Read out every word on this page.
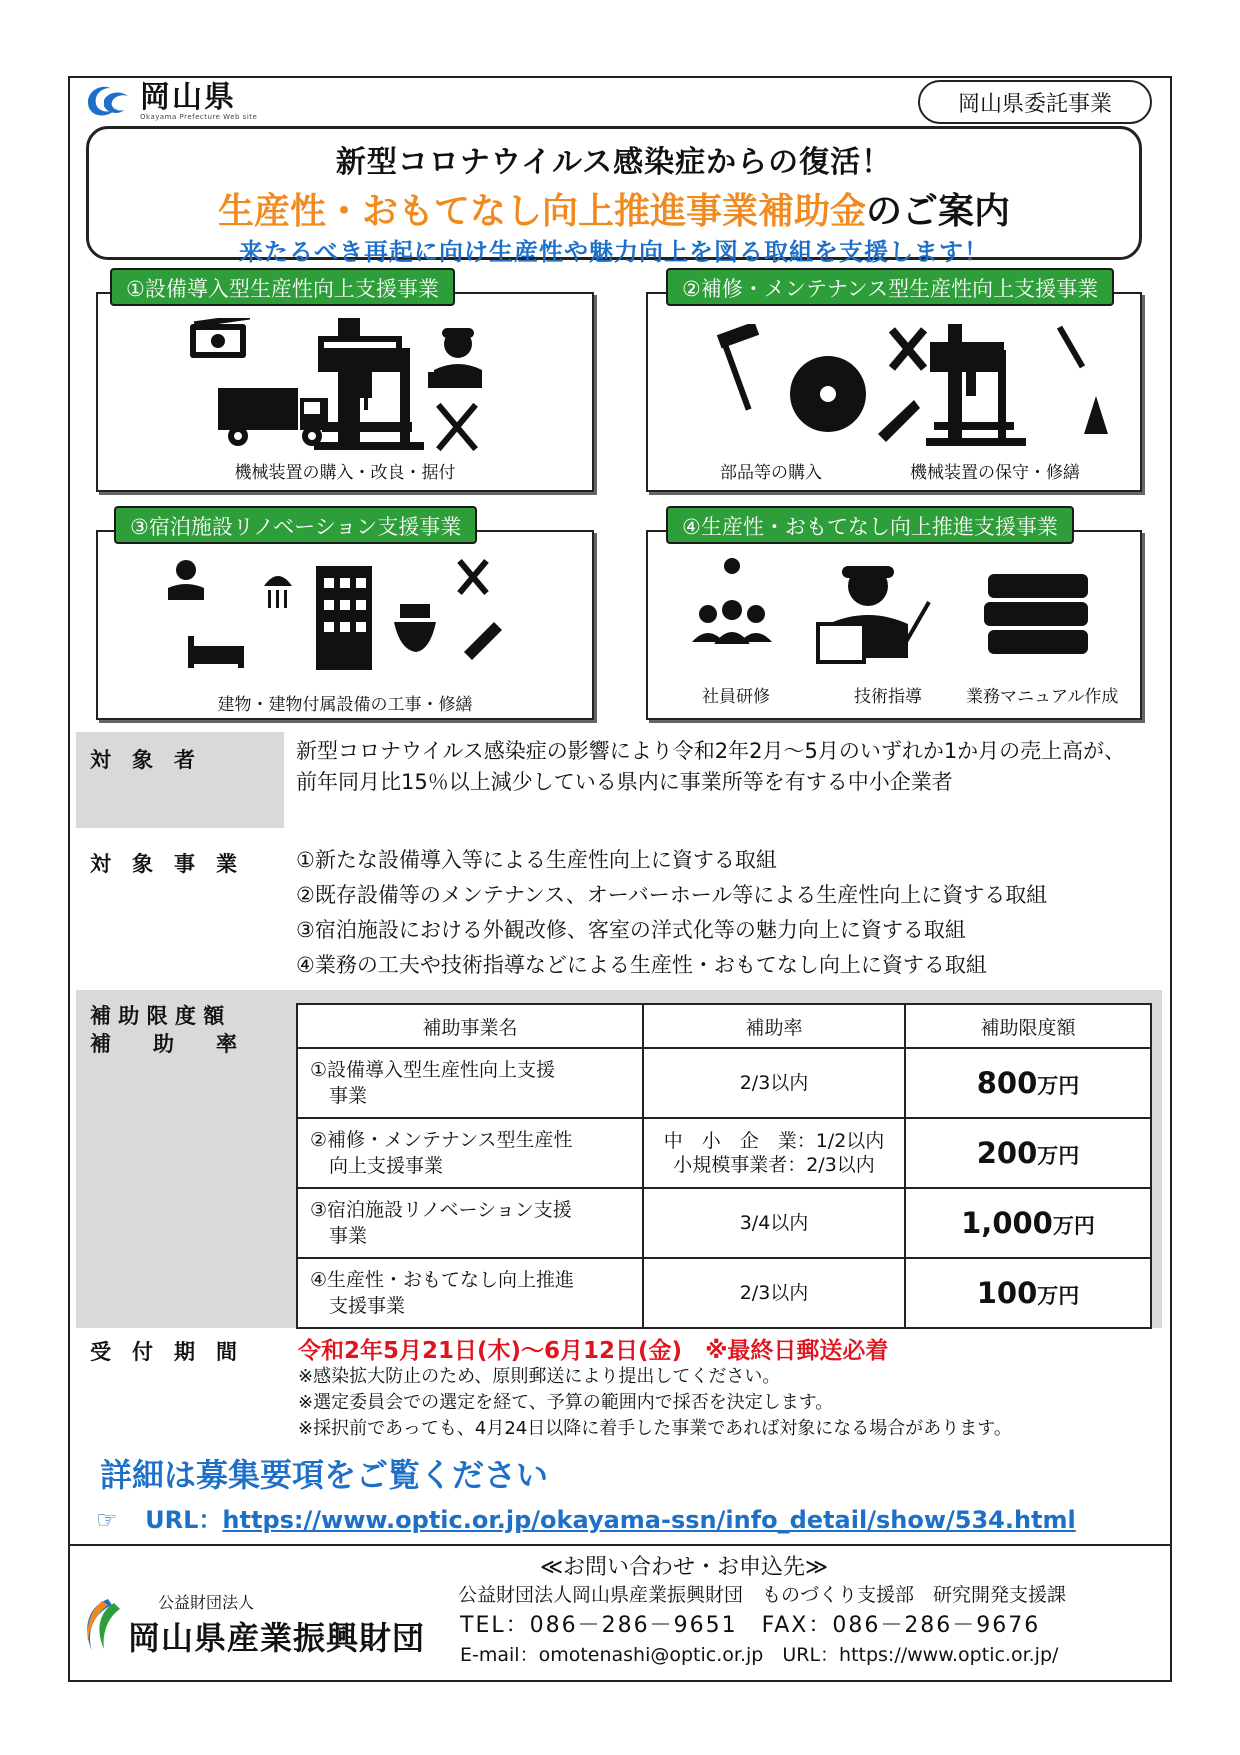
岡山県
Okayama Prefecture Web site
岡山県委託事業
新型コロナウイルス感染症からの復活！
生産性・おもてなし向上推進事業補助金のご案内
来たるべき再起に向け生産性や魅力向上を図る取組を支援します！
機械装置の購入・改良・据付
①設備導入型生産性向上支援事業
部品等の購入	機械装置の保守・修繕
②補修・メンテナンス型生産性向上支援事業
建物・建物付属設備の工事・修繕
③宿泊施設リノベーション支援事業
社員研修	技術指導	業務マニュアル作成
④生産性・おもてなし向上推進支援事業
対　象　者	新型コロナウイルス感染症の影響により令和2年2月～5月のいずれか1か月の売上高が、前年同月比15％以上減少している県内に事業所等を有する中小企業者
対　象　事　業	①新たな設備導入等による生産性向上に資する取組
②既存設備等のメンテナンス、オーバーホール等による生産性向上に資する取組
③宿泊施設における外観改修、客室の洋式化等の魅力向上に資する取組
④業務の工夫や技術指導などによる生産性・おもてなし向上に資する取組
補 助 限 度 額
補　　助　　率
補助事業名	補助率	補助限度額
①設備導入型生産性向上支援
　事業	2/3以内	800万円
②補修・メンテナンス型生産性
　向上支援事業	中　小　企　業：1/2以内
小規模事業者：2/3以内	200万円
③宿泊施設リノベーション支援
　事業	3/4以内	1,000万円
④生産性・おもてなし向上推進
　支援事業	2/3以内	100万円
受　付　期　間	令和2年5月21日(木)～6月12日(金)　※最終日郵送必着
※感染拡大防止のため、原則郵送により提出してください。
※選定委員会での選定を経て、予算の範囲内で採否を決定します。
※採択前であっても、4月24日以降に着手した事業であれば対象になる場合があります。
詳細は募集要項をご覧ください
☞ URL：https://www.optic.or.jp/okayama-ssn/info_detail/show/534.html
公益財団法人
岡山県産業振興財団
≪お問い合わせ・お申込先≫
公益財団法人岡山県産業振興財団　ものづくり支援部　研究開発支援課
TEL：086－286－9651　FAX：086－286－9676
E-mail：omotenashi@optic.or.jp　URL：https://www.optic.or.jp/
